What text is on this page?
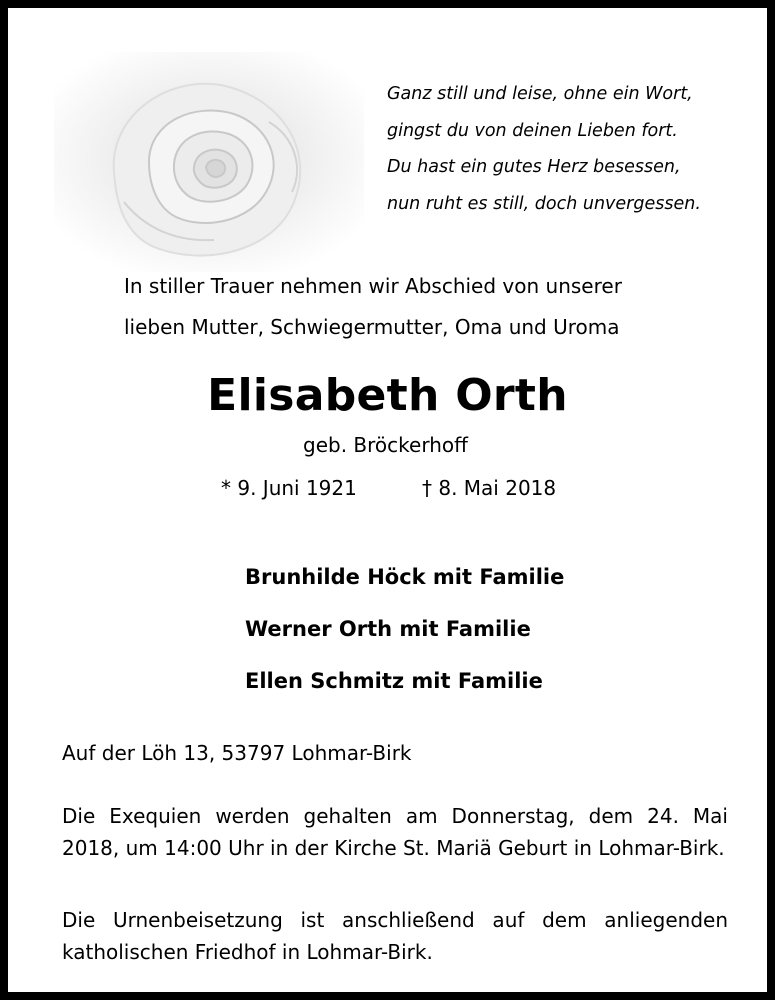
Ganz still und leise, ohne ein Wort,
gingst du von deinen Lieben fort.
Du hast ein gutes Herz besessen,
nun ruht es still, doch unvergessen.
In stiller Trauer nehmen wir Abschied von unserer
lieben Mutter, Schwiegermutter, Oma und Uroma
Elisabeth Orth
geb. Bröckerhoff
* 9. Juni 1921	† 8. Mai 2018
Brunhilde Höck mit Familie
Werner Orth mit Familie
Ellen Schmitz mit Familie
Auf der Löh 13, 53797 Lohmar-Birk
Die Exequien werden gehalten am Donnerstag, dem 24. Mai 2018, um 14:00 Uhr in der Kirche St. Mariä Geburt in Lohmar-Birk.
Die Urnenbeisetzung ist anschließend auf dem anliegenden katholischen Friedhof in Lohmar-Birk.
